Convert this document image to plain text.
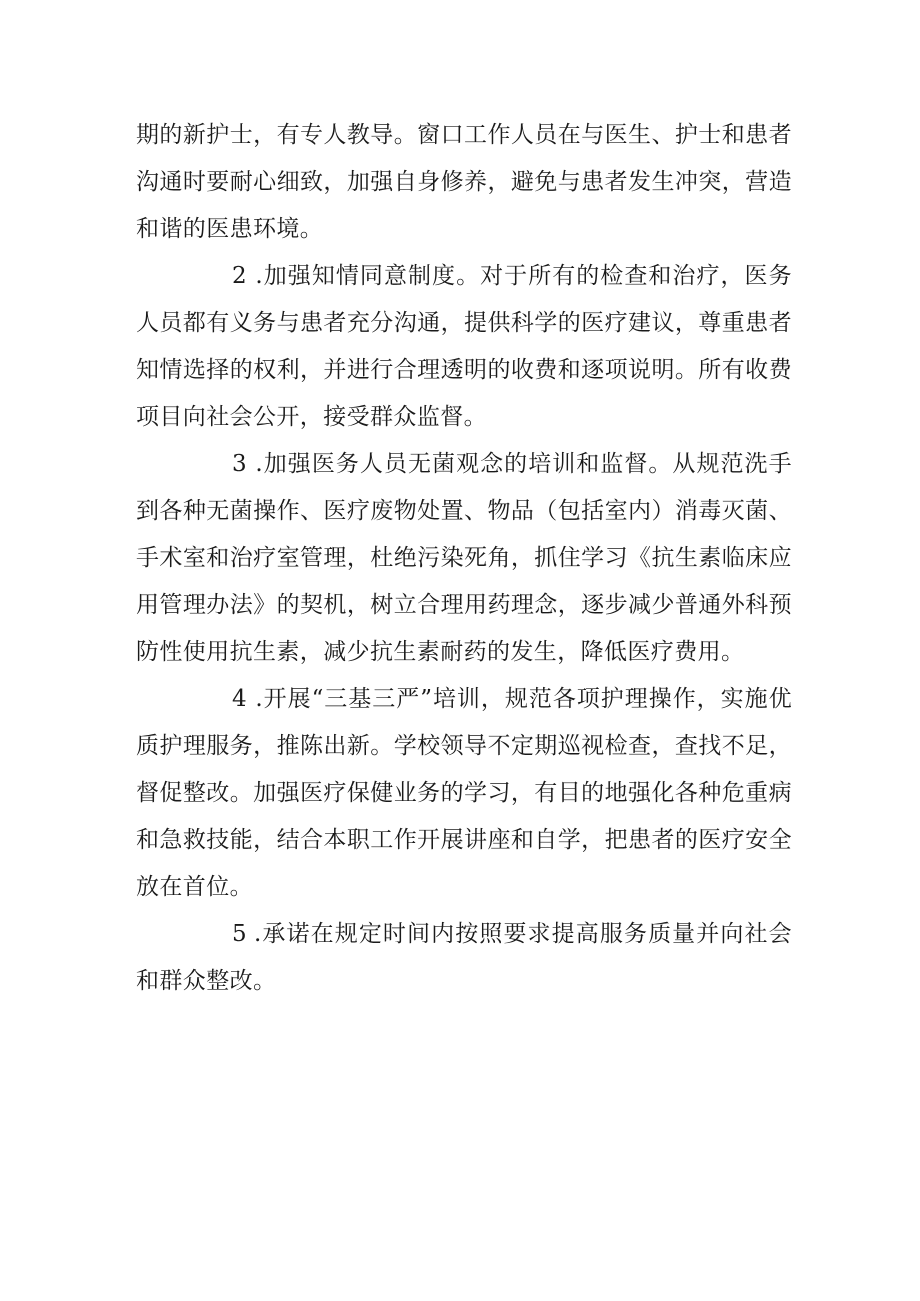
期的新护士，有专人教导。窗口工作人员在与医生、护士和患者沟通时要耐心细致，加强自身修养，避免与患者发生冲突，营造和谐的医患环境。

2 .加强知情同意制度。对于所有的检查和治疗，医务人员都有义务与患者充分沟通，提供科学的医疗建议，尊重患者知情选择的权利，并进行合理透明的收费和逐项说明。所有收费项目向社会公开，接受群众监督。

3 .加强医务人员无菌观念的培训和监督。从规范洗手到各种无菌操作、医疗废物处置、物品（包括室内）消毒灭菌、手术室和治疗室管理，杜绝污染死角，抓住学习《抗生素临床应用管理办法》的契机，树立合理用药理念，逐步减少普通外科预防性使用抗生素，减少抗生素耐药的发生，降低医疗费用。

4 .开展“三基三严”培训，规范各项护理操作，实施优质护理服务，推陈出新。学校领导不定期巡视检查，查找不足，督促整改。加强医疗保健业务的学习，有目的地强化各种危重病和急救技能，结合本职工作开展讲座和自学，把患者的医疗安全放在首位。

5 .承诺在规定时间内按照要求提高服务质量并向社会和群众整改。
